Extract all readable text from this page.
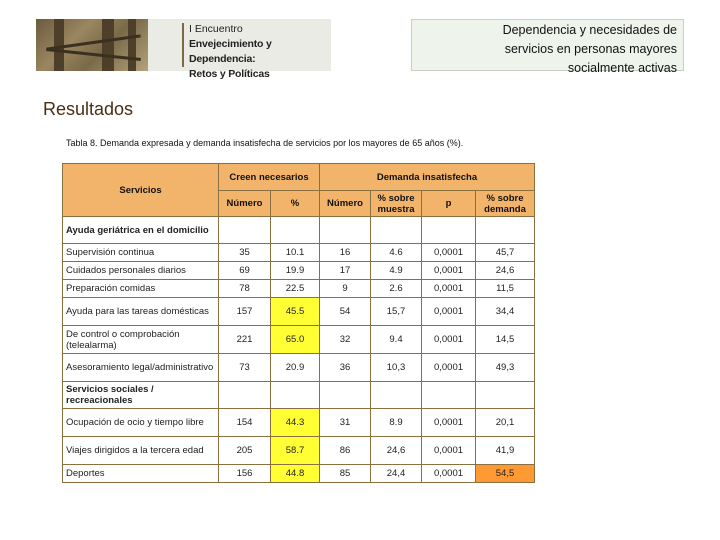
I Encuentro
Envejecimiento y Dependencia:
Retos y Políticas
Dependencia y necesidades de
servicios en personas mayores
socialmente activas
Resultados
Tabla 8. Demanda expresada y demanda insatisfecha de servicios por los mayores de 65 años (%).
Servicios	Creen necesarios		Demanda insatisfecha			
	Número	%	Número	% sobre muestra	p	% sobre demanda
Ayuda geriátrica en el domicilio						
Supervisión continua	35	10.1	16	4.6	0,0001	45,7
Cuidados personales diarios	69	19.9	17	4.9	0,0001	24,6
Preparación comidas	78	22.5	9	2.6	0,0001	11,5
Ayuda para las tareas domésticas	157	45.5	54	15,7	0,0001	34,4
De control o comprobación (telealarma)	221	65.0	32	9.4	0,0001	14,5
Asesoramiento legal/administrativo	73	20.9	36	10,3	0,0001	49,3
Servicios sociales / recreacionales						
Ocupación de ocio y tiempo libre	154	44.3	31	8.9	0,0001	20,1
Viajes dirigidos a la tercera edad	205	58.7	86	24,6	0,0001	41,9
Deportes	156	44.8	85	24,4	0,0001	54,5
